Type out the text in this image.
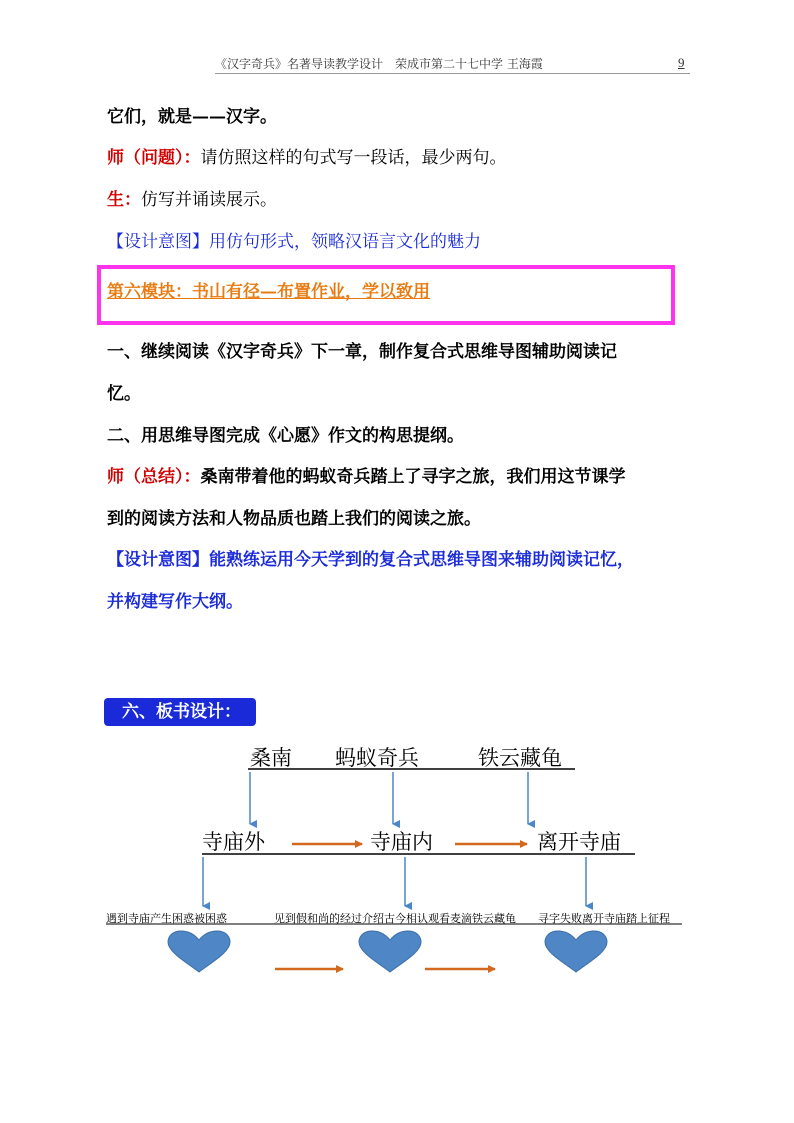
《汉字奇兵》名著导读教学设计　荣成市第二十七中学 王海霞	9
它们，就是——汉字。
师（问题）：请仿照这样的句式写一段话，最少两句。
生：仿写并诵读展示。
【设计意图】用仿句形式，领略汉语言文化的魅力
第六模块：书山有径—布置作业，学以致用
一、继续阅读《汉字奇兵》下一章，制作复合式思维导图辅助阅读记
忆。
二、用思维导图完成《心愿》作文的构思提纲。
师（总结）：桑南带着他的蚂蚁奇兵踏上了寻字之旅，我们用这节课学
到的阅读方法和人物品质也踏上我们的阅读之旅。
【设计意图】能熟练运用今天学到的复合式思维导图来辅助阅读记忆，
并构建写作大纲。
六、板书设计：
桑南 蚂蚁奇兵	铁云藏龟
寺庙外	寺庙内	离开寺庙
遇到寺庙产生困惑被困惑	见到假和尚的经过介绍古今相认观看麦滴铁云藏龟 寻字失败离开寺庙踏上征程
